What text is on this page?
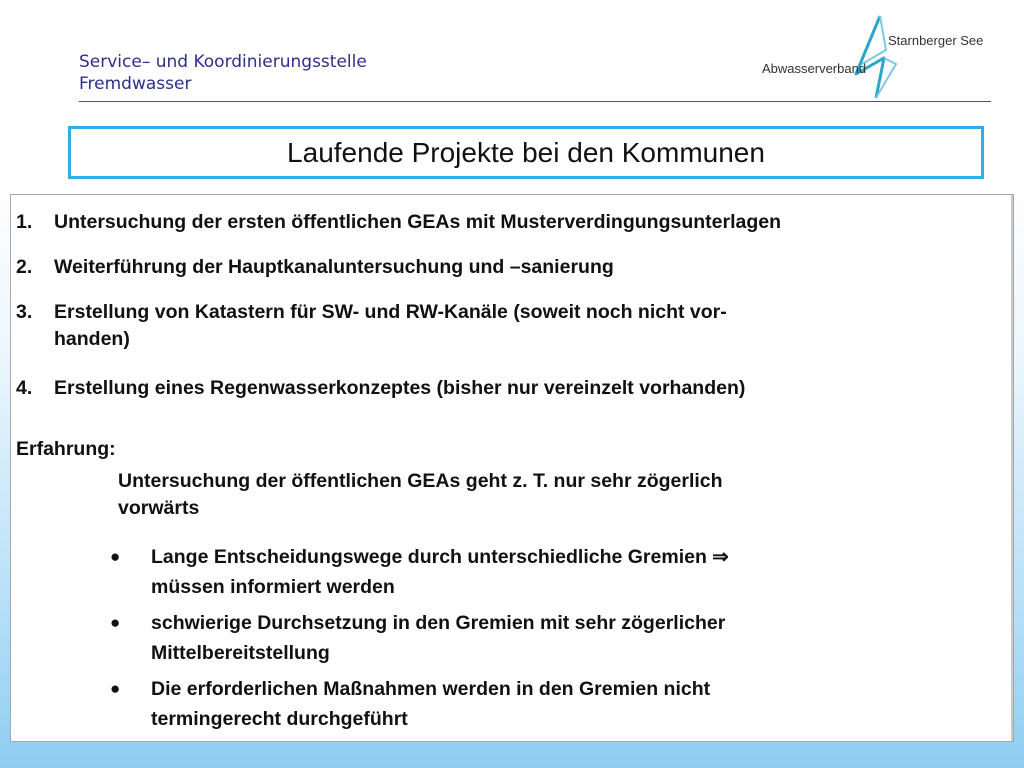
Service– und Koordinierungsstelle
Fremdwasser
Starnberger See
Abwasserverband
Laufende Projekte bei den Kommunen
1. Untersuchung der ersten öffentlichen GEAs mit Musterverdingungsunterlagen
2. Weiterführung der Hauptkanaluntersuchung und –sanierung
3. Erstellung von Katastern für SW- und RW-Kanäle (soweit noch nicht vor-
handen)
4. Erstellung eines Regenwasserkonzeptes (bisher nur vereinzelt vorhanden)
Erfahrung:
Untersuchung der öffentlichen GEAs geht z. T. nur sehr zögerlich
vorwärts
● Lange Entscheidungswege durch unterschiedliche Gremien ⇒
müssen informiert werden
● schwierige Durchsetzung in den Gremien mit sehr zögerlicher
Mittelbereitstellung
● Die erforderlichen Maßnahmen werden in den Gremien nicht
termingerecht durchgeführt
